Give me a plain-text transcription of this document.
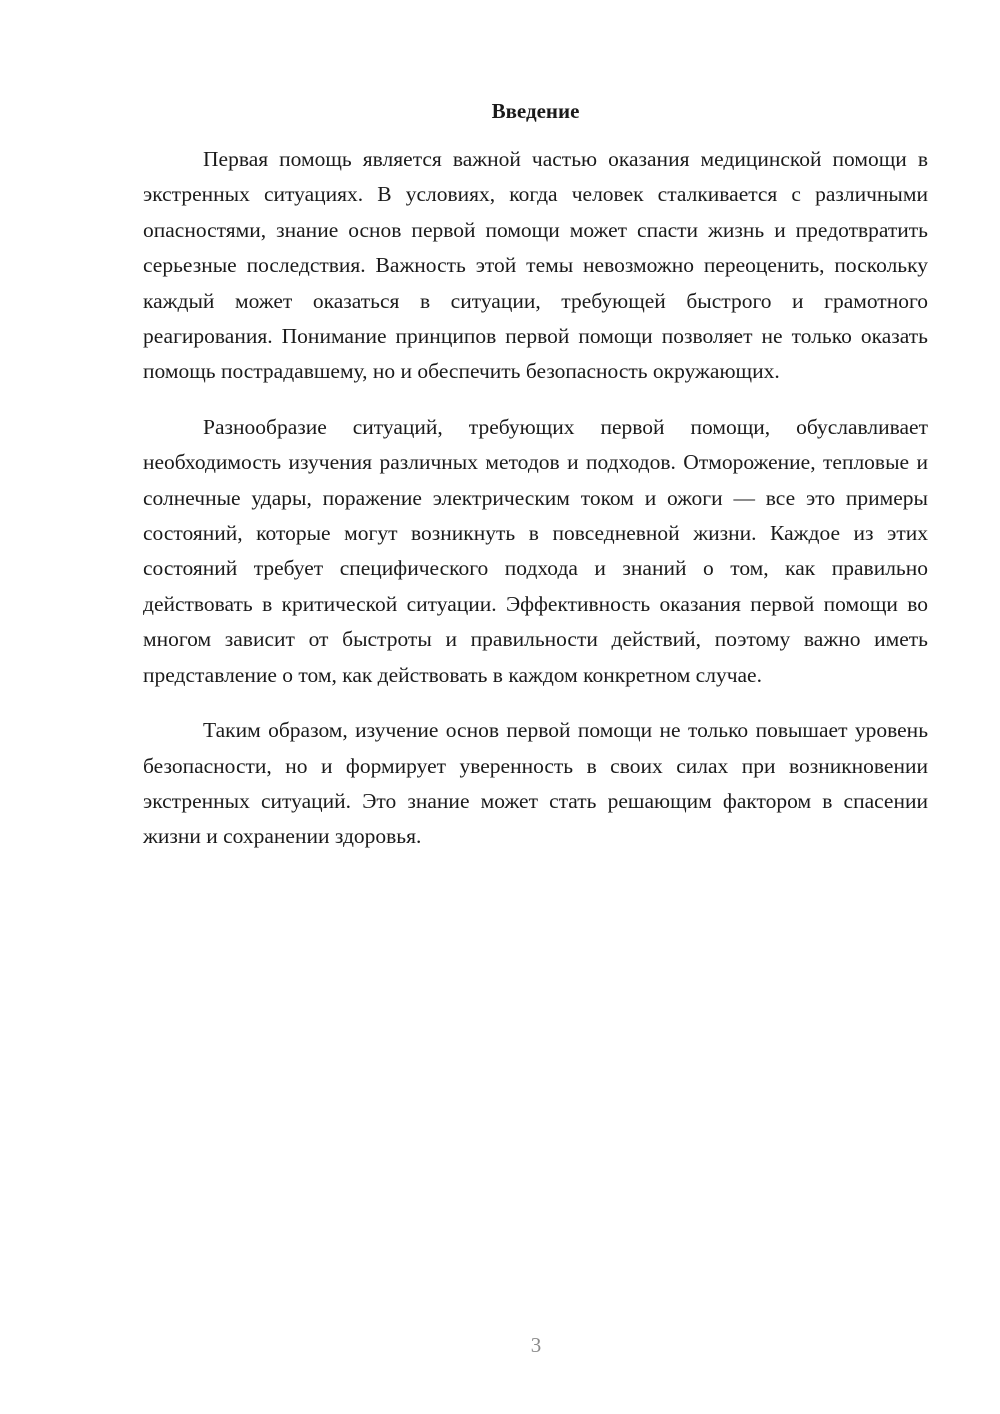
Введение

Первая помощь является важной частью оказания медицинской помощи в экстренных ситуациях. В условиях, когда человек сталкивается с различными опасностями, знание основ первой помощи может спасти жизнь и предотвратить серьезные последствия. Важность этой темы невозможно переоценить, поскольку каждый может оказаться в ситуации, требующей быстрого и грамотного реагирования. Понимание принципов первой помощи позволяет не только оказать помощь пострадавшему, но и обеспечить безопасность окружающих.

Разнообразие ситуаций, требующих первой помощи, обуславливает необходимость изучения различных методов и подходов. Отморожение, тепловые и солнечные удары, поражение электрическим током и ожоги — все это примеры состояний, которые могут возникнуть в повседневной жизни. Каждое из этих состояний требует специфического подхода и знаний о том, как правильно действовать в критической ситуации. Эффективность оказания первой помощи во многом зависит от быстроты и правильности действий, поэтому важно иметь представление о том, как действовать в каждом конкретном случае.

Таким образом, изучение основ первой помощи не только повышает уровень безопасности, но и формирует уверенность в своих силах при возникновении экстренных ситуаций. Это знание может стать решающим фактором в спасении жизни и сохранении здоровья.

3
